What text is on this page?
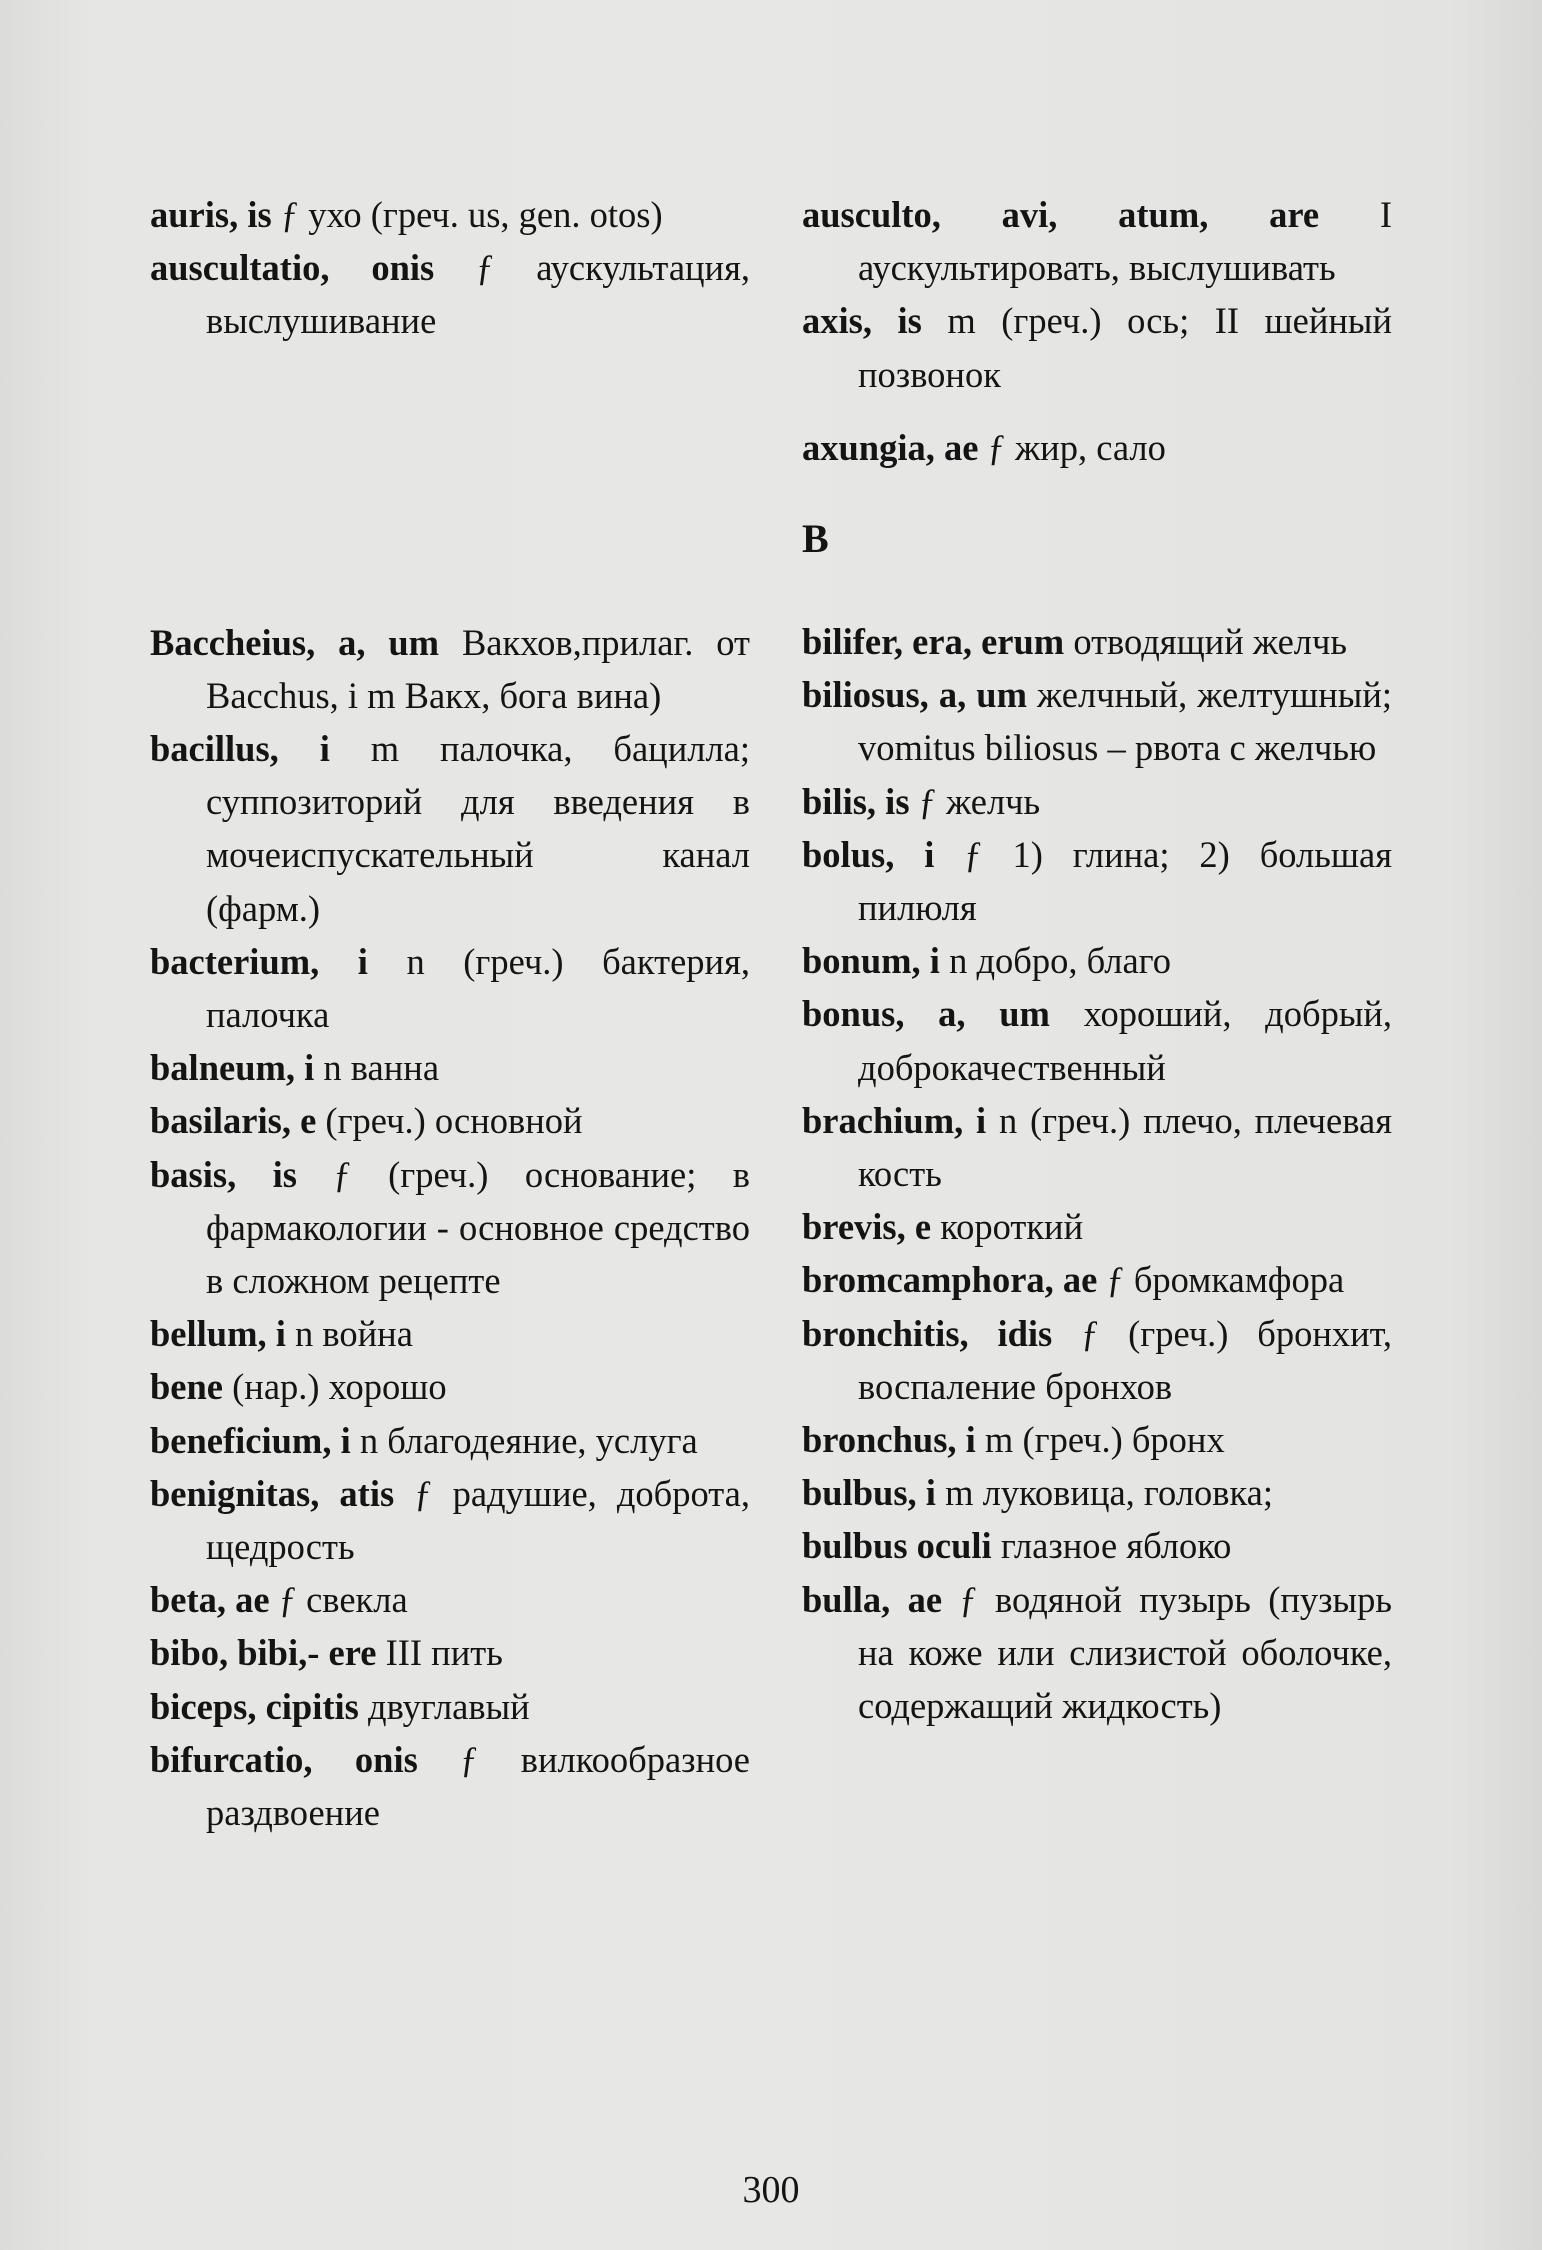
auris, is ƒ ухо (греч. us, gen. otos)
auscultatio, onis ƒ аускультация, выслушивание
Baccheius, a, um Вакхов,прилаг. от Bacchus, i m Вакх, бога вина)
bacillus, i m палочка, бацилла; суппозиторий для введения в мочеиспускательный канал (фарм.)
bacterium, i n (греч.) бактерия, палочка
balneum, i n ванна
basilaris, e (греч.) основной
basis, is ƒ (греч.) основание; в фармакологии - основное средство в сложном рецепте
bellum, i n война
bene (нар.) хорошо
beneficium, i n благодеяние, услуга
benignitas, atis ƒ радушие, доброта, щедрость
beta, ae ƒ свекла
bibo, bibi,- ere III пить
biceps, cipitis двуглавый
bifurcatio, onis ƒ вилкообразное раздвоение
ausculto, avi, atum, are I аускультировать, выслушивать
axis, is m (греч.) ось; II шейный позвонок
axungia, ae ƒ жир, сало
B
bilifer, era, erum отводящий желчь
biliosus, a, um желчный, желтушный; vomitus biliosus – рвота с желчью
bilis, is ƒ желчь
bolus, i ƒ 1) глина; 2) большая пилюля
bonum, i n добро, благо
bonus, a, um хороший, добрый, доброкачественный
brachium, i n (греч.) плечо, плечевая кость
brevis, e короткий
bromcamphora, ae ƒ бромкамфора
bronchitis, idis ƒ (греч.) бронхит, воспаление бронхов
bronchus, i m (греч.) бронх
bulbus, i m луковица, головка;
bulbus oculi глазное яблоко
bulla, ae ƒ водяной пузырь (пузырь на коже или слизистой оболочке, содержащий жидкость)
300
